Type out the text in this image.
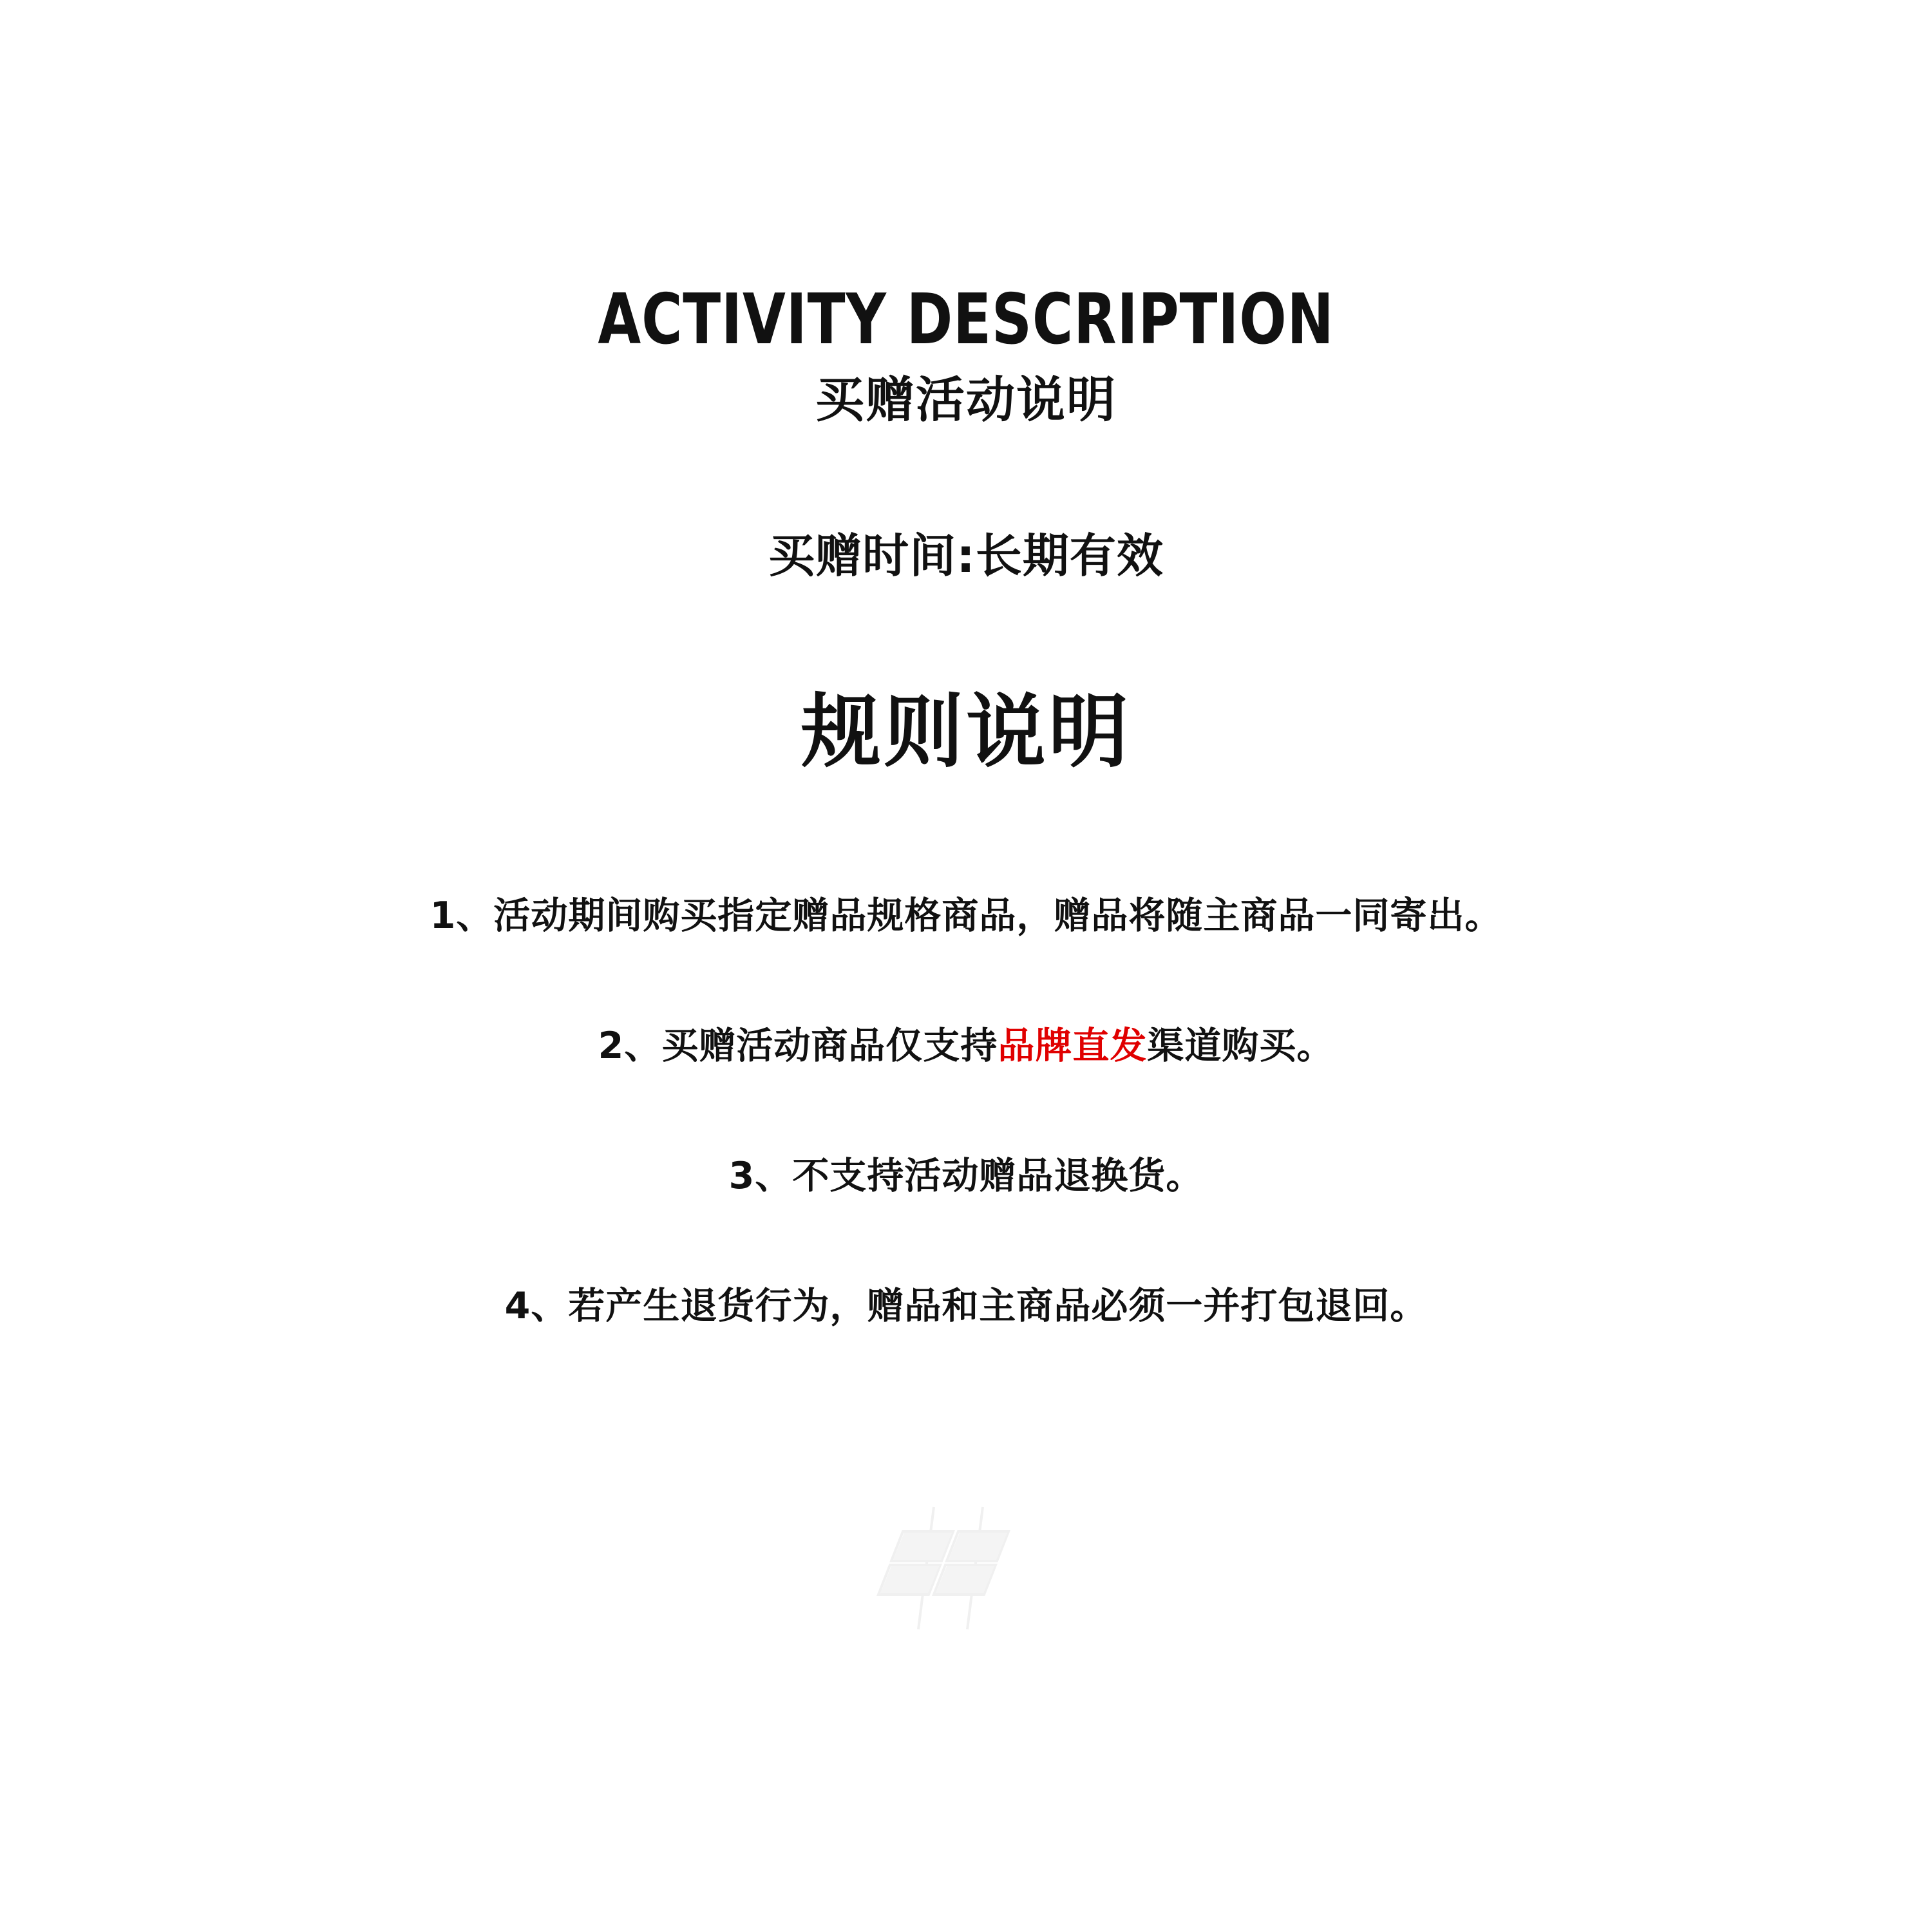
ACTIVITY DESCRIPTION
买赠活动说明
买赠时间:长期有效
规则说明
1、活动期间购买指定赠品规格商品，赠品将随主商品一同寄出。
2、买赠活动商品仅支持品牌直发渠道购买。
3、不支持活动赠品退换货。
4、若产生退货行为，赠品和主商品必须一并打包退回。
